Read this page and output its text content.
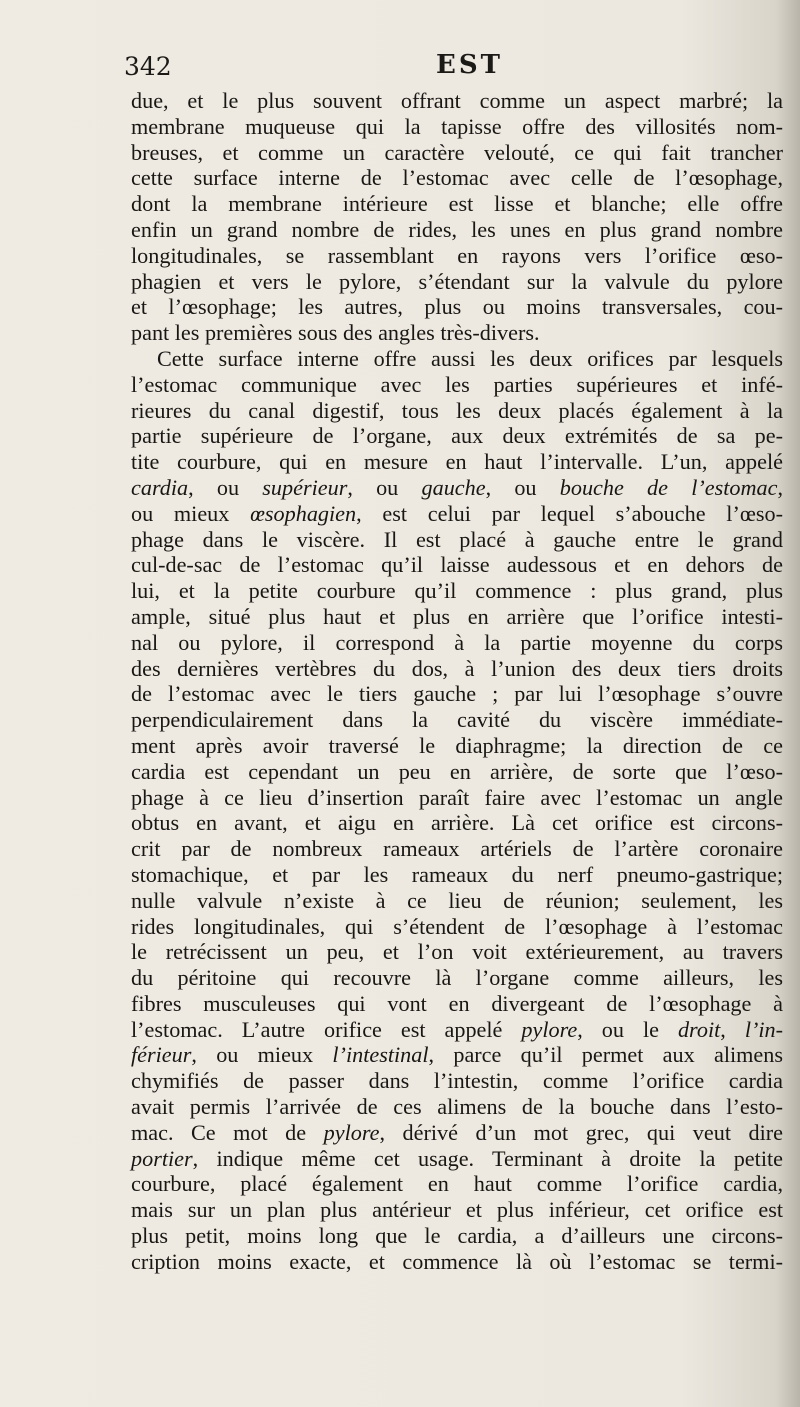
342	EST
due, et le plus souvent offrant comme un aspect marbré; la
membrane muqueuse qui la tapisse offre des villosités nom-
breuses, et comme un caractère velouté, ce qui fait trancher
cette surface interne de l’estomac avec celle de l’œsophage,
dont la membrane intérieure est lisse et blanche; elle offre
enfin un grand nombre de rides, les unes en plus grand nombre
longitudinales, se rassemblant en rayons vers l’orifice œso-
phagien et vers le pylore, s’étendant sur la valvule du pylore
et l’œsophage; les autres, plus ou moins transversales, cou-
pant les premières sous des angles très-divers.
Cette surface interne offre aussi les deux orifices par lesquels
l’estomac communique avec les parties supérieures et infé-
rieures du canal digestif, tous les deux placés également à la
partie supérieure de l’organe, aux deux extrémités de sa pe-
tite courbure, qui en mesure en haut l’intervalle. L’un, appelé
cardia, ou supérieur, ou gauche, ou bouche de l’estomac,
ou mieux œsophagien, est celui par lequel s’abouche l’œso-
phage dans le viscère. Il est placé à gauche entre le grand
cul-de-sac de l’estomac qu’il laisse audessous et en dehors de
lui, et la petite courbure qu’il commence : plus grand, plus
ample, situé plus haut et plus en arrière que l’orifice intesti-
nal ou pylore, il correspond à la partie moyenne du corps
des dernières vertèbres du dos, à l’union des deux tiers droits
de l’estomac avec le tiers gauche ; par lui l’œsophage s’ouvre
perpendiculairement dans la cavité du viscère immédiate-
ment après avoir traversé le diaphragme; la direction de ce
cardia est cependant un peu en arrière, de sorte que l’œso-
phage à ce lieu d’insertion paraît faire avec l’estomac un angle
obtus en avant, et aigu en arrière. Là cet orifice est circons-
crit par de nombreux rameaux artériels de l’artère coronaire
stomachique, et par les rameaux du nerf pneumo-gastrique;
nulle valvule n’existe à ce lieu de réunion; seulement, les
rides longitudinales, qui s’étendent de l’œsophage à l’estomac
le retrécissent un peu, et l’on voit extérieurement, au travers
du péritoine qui recouvre là l’organe comme ailleurs, les
fibres musculeuses qui vont en divergeant de l’œsophage à
l’estomac. L’autre orifice est appelé pylore, ou le droit, l’in-
férieur, ou mieux l’intestinal, parce qu’il permet aux alimens
chymifiés de passer dans l’intestin, comme l’orifice cardia
avait permis l’arrivée de ces alimens de la bouche dans l’esto-
mac. Ce mot de pylore, dérivé d’un mot grec, qui veut dire
portier, indique même cet usage. Terminant à droite la petite
courbure, placé également en haut comme l’orifice cardia,
mais sur un plan plus antérieur et plus inférieur, cet orifice est
plus petit, moins long que le cardia, a d’ailleurs une circons-
cription moins exacte, et commence là où l’estomac se termi-
